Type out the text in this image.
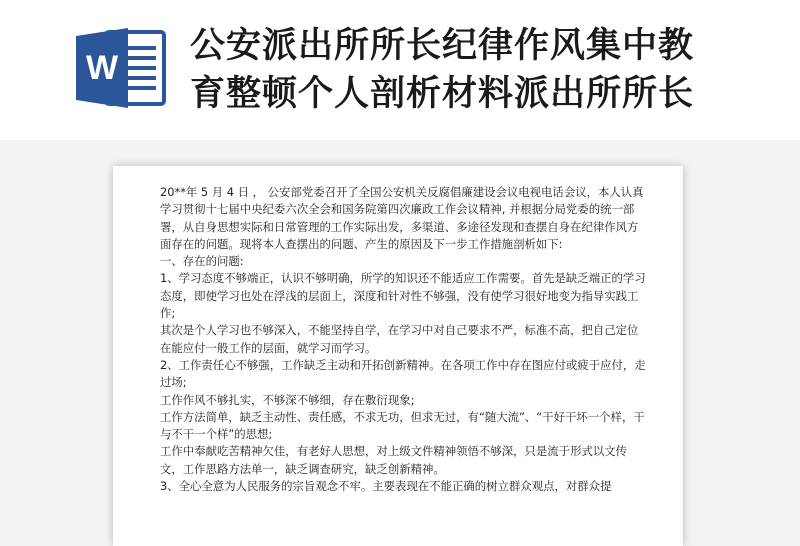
W
公安派出所所长纪律作风集中教
育整顿个人剖析材料派出所所长

20**年 5 月 4 日 ， 公安部党委召开了全国公安机关反腐倡廉建设会议电视电话会议，本人认真学习贯彻十七届中央纪委六次全会和国务院第四次廉政工作会议精神, 并根据分局党委的统一部署，从自身思想实际和日常管理的工作实际出发，多渠道、多途径发现和查摆自身在纪律作风方面存在的问题。现将本人查摆出的问题、产生的原因及下一步工作措施剖析如下:

一、存在的问题:

1、学习态度不够端正，认识不够明确，所学的知识还不能适应工作需要。首先是缺乏端正的学习态度，即使学习也处在浮浅的层面上，深度和针对性不够强，没有使学习很好地变为指导实践工作;

其次是个人学习也不够深入，不能坚持自学，在学习中对自己要求不严，标准不高，把自己定位在能应付一般工作的层面，就学习而学习。

2、工作责任心不够强，工作缺乏主动和开拓创新精神。在各项工作中存在图应付或疲于应付，走过场;

工作作风不够扎实，不够深不够细，存在敷衍现象;

工作方法简单，缺乏主动性、责任感，不求无功，但求无过，有“随大流”、“干好干坏一个样，干与不干一个样”的思想;

工作中奉献吃苦精神欠佳，有老好人思想，对上级文件精神领悟不够深，只是流于形式以文传文，工作思路方法单一，缺乏调查研究，缺乏创新精神。

3、全心全意为人民服务的宗旨观念不牢。主要表现在不能正确的树立群众观点，对群众提
